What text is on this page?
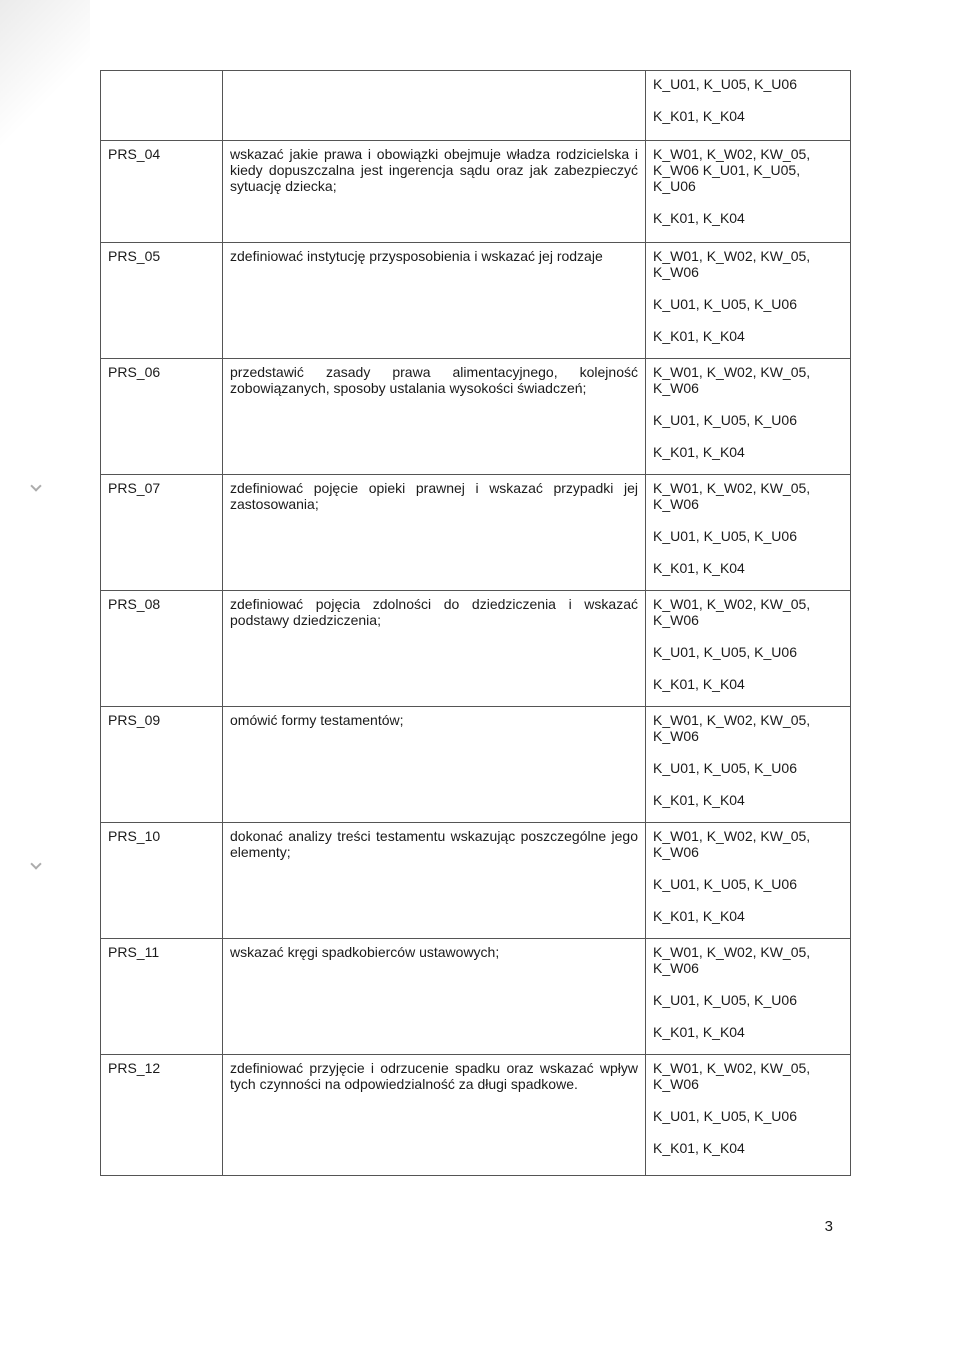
		K_U01, K_U05, K_U06
K_K01, K_K04

PRS_04	wskazać jakie prawa i obowiązki obejmuje władza rodzicielska i kiedy dopuszczalna jest ingerencja sądu oraz jak zabezpieczyć sytuację dziecka;	K_W01, K_W02, KW_05,
K_W06 K_U01, K_U05,
K_U06
K_K01, K_K04

PRS_05	zdefiniować instytucję przysposobienia i wskazać jej rodzaje	K_W01, K_W02, KW_05,
K_W06
K_U01, K_U05, K_U06
K_K01, K_K04

PRS_06	przedstawić zasady prawa alimentacyjnego, kolejność zobowiązanych, sposoby ustalania wysokości świadczeń;	K_W01, K_W02, KW_05,
K_W06
K_U01, K_U05, K_U06
K_K01, K_K04

PRS_07	zdefiniować pojęcie opieki prawnej i wskazać przypadki jej zastosowania;	K_W01, K_W02, KW_05,
K_W06
K_U01, K_U05, K_U06
K_K01, K_K04

PRS_08	zdefiniować pojęcia zdolności do dziedziczenia i wskazać podstawy dziedziczenia;	K_W01, K_W02, KW_05,
K_W06
K_U01, K_U05, K_U06
K_K01, K_K04

PRS_09	omówić formy testamentów;	K_W01, K_W02, KW_05,
K_W06
K_U01, K_U05, K_U06
K_K01, K_K04

PRS_10	dokonać analizy treści testamentu wskazując poszczególne jego elementy;	K_W01, K_W02, KW_05,
K_W06
K_U01, K_U05, K_U06
K_K01, K_K04

PRS_11	wskazać kręgi spadkobierców ustawowych;	K_W01, K_W02, KW_05,
K_W06
K_U01, K_U05, K_U06
K_K01, K_K04

PRS_12	zdefiniować przyjęcie i odrzucenie spadku oraz wskazać wpływ tych czynności na odpowiedzialność za długi spadkowe.	K_W01, K_W02, KW_05,
K_W06
K_U01, K_U05, K_U06
K_K01, K_K04
3
